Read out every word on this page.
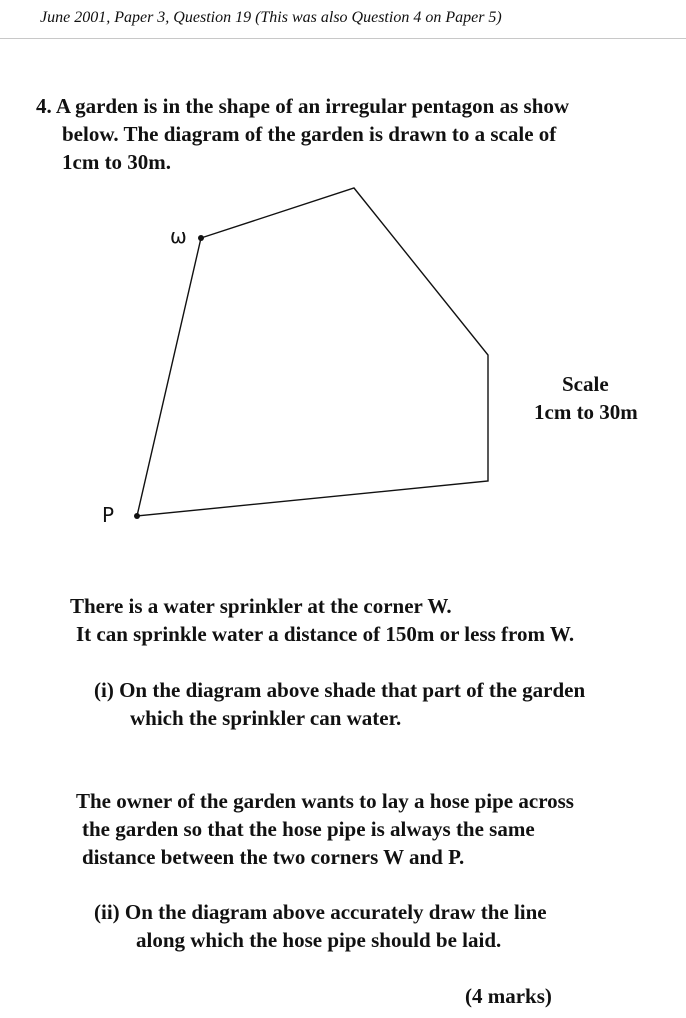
June 2001, Paper 3, Question 19 (This was also Question 4 on Paper 5)
4. A garden is in the shape of an irregular pentagon as show
below. The diagram of the garden is drawn to a scale of
1cm to 30m.
ω
P
Scale
1cm to 30m
There is a water sprinkler at the corner W.
It can sprinkle water a distance of 150m or less from W.
(i) On the diagram above shade that part of the garden
which the sprinkler can water.
The owner of the garden wants to lay a hose pipe across
the garden so that the hose pipe is always the same
distance between the two corners W and P.
(ii) On the diagram above accurately draw the line
along which the hose pipe should be laid.
(4 marks)
